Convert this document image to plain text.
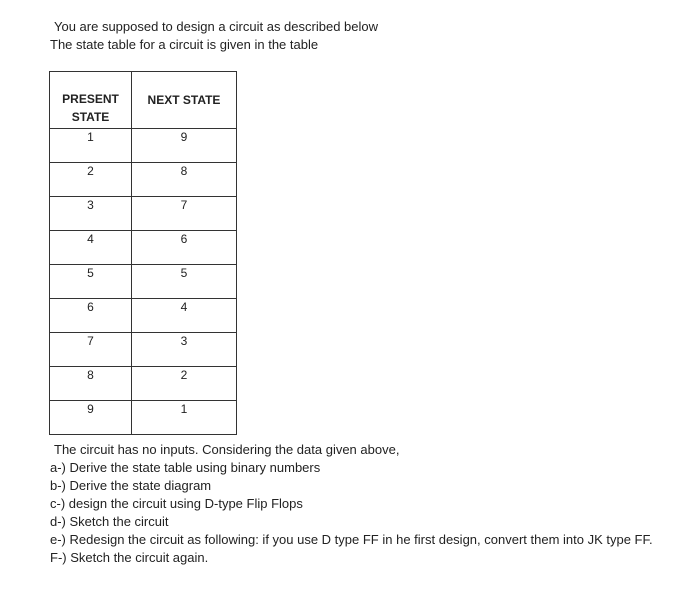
You are supposed to design a circuit as described below
The state table for a circuit is given in the table
PRESENT STATE	NEXT STATE

1	9
2	8
3	7
4	6
5	5
6	4
7	3
8	2
9	1
The circuit has no inputs. Considering the data given above,
a-) Derive the state table using binary numbers
b-) Derive the state diagram
c-) design the circuit using D-type Flip Flops
d-) Sketch the circuit
e-) Redesign the circuit as following: if you use D type FF in he first design, convert them into JK type FF.
F-) Sketch the circuit again.
